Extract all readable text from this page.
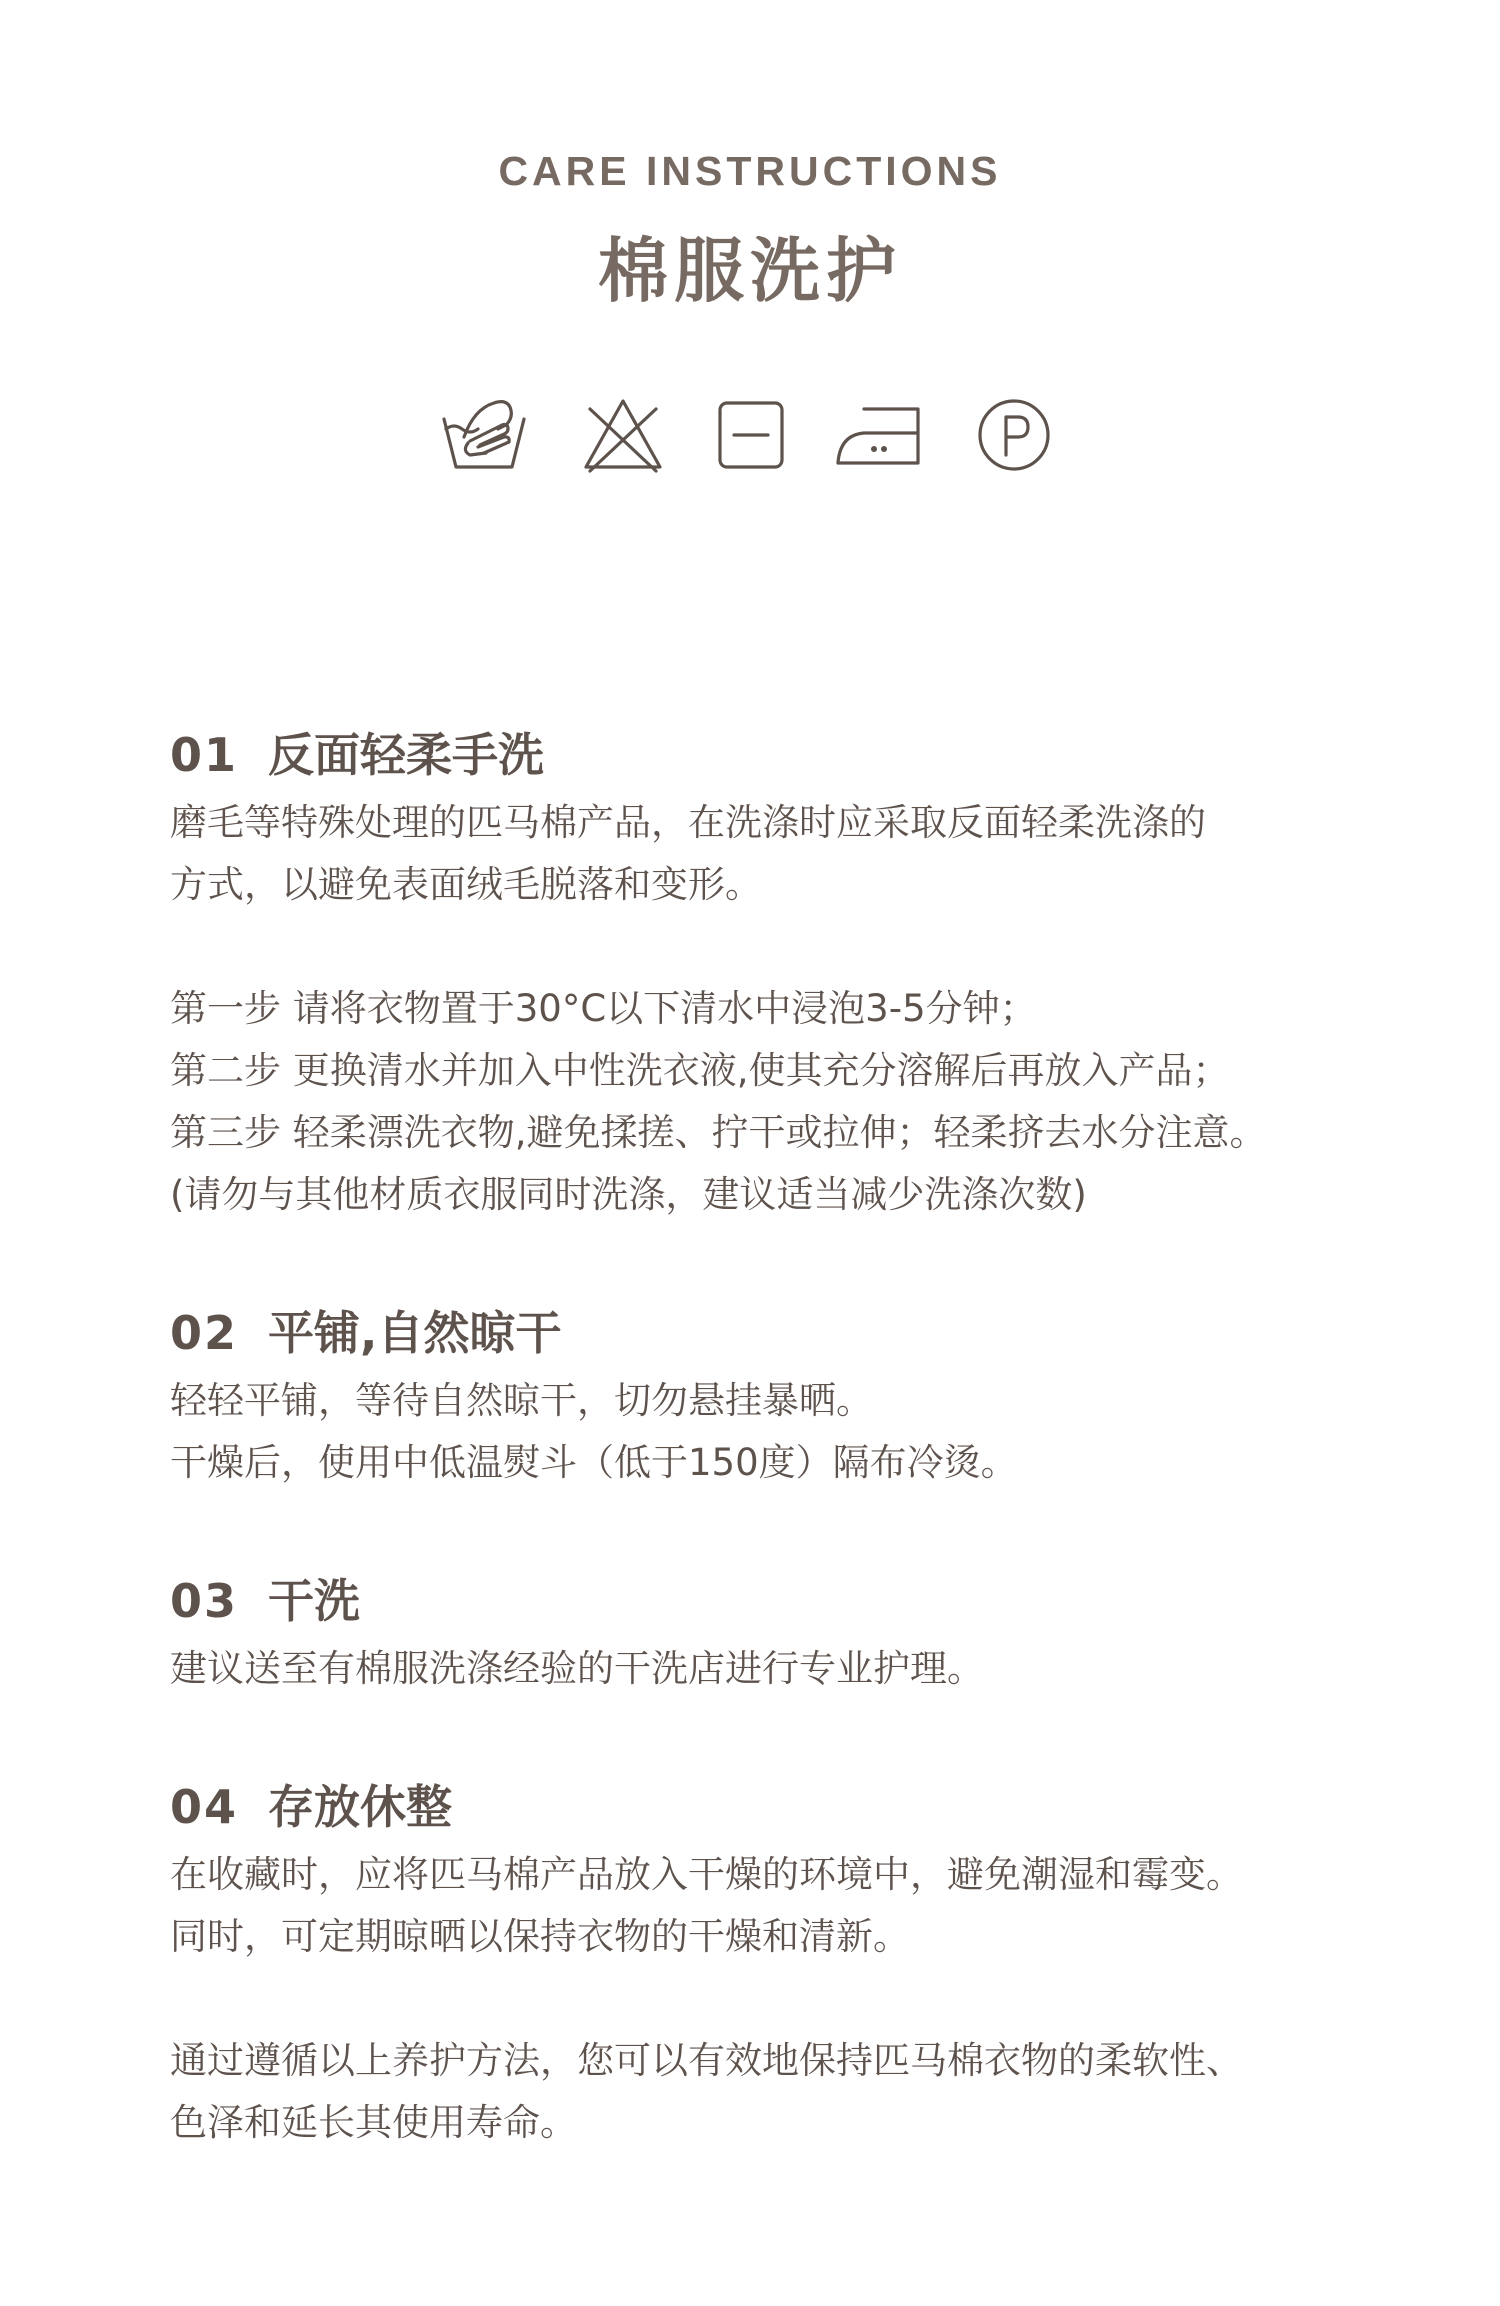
CARE INSTRUCTIONS
棉服洗护
01 反面轻柔手洗

磨毛等特殊处理的匹马棉产品，在洗涤时应采取反面轻柔洗涤的

方式，以避免表面绒毛脱落和变形。

第一步 请将衣物置于30°C以下清水中浸泡3-5分钟；

第二步 更换清水并加入中性洗衣液,使其充分溶解后再放入产品；

第三步 轻柔漂洗衣物,避免揉搓、拧干或拉伸；轻柔挤去水分注意。

(请勿与其他材质衣服同时洗涤，建议适当减少洗涤次数)

02 平铺,自然晾干

轻轻平铺，等待自然晾干，切勿悬挂暴晒。

干燥后，使用中低温熨斗（低于150度）隔布冷烫。

03 干洗

建议送至有棉服洗涤经验的干洗店进行专业护理。

04 存放休整

在收藏时，应将匹马棉产品放入干燥的环境中，避免潮湿和霉变。

同时，可定期晾晒以保持衣物的干燥和清新。

通过遵循以上养护方法，您可以有效地保持匹马棉衣物的柔软性、

色泽和延长其使用寿命。
